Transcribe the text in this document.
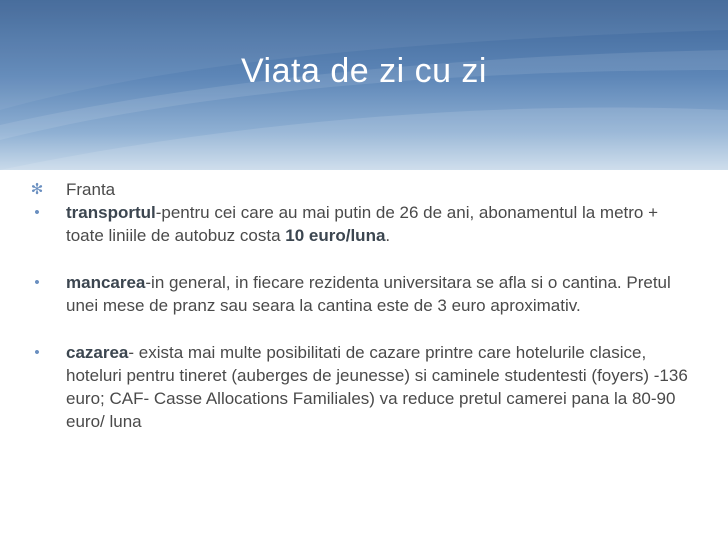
Viata de zi cu zi
✻ Franta
•	transportul-pentru cei care au mai putin de 26 de ani, abonamentul la metro + toate liniile de autobuz costa 10 euro/luna.
•	mancarea-in general, in fiecare rezidenta universitara se afla si o cantina. Pretul unei mese de pranz sau seara la cantina este de 3 euro aproximativ.
•	cazarea- exista mai multe posibilitati de cazare printre care hotelurile clasice, hoteluri pentru tineret (auberges de jeunesse) si caminele studentesti (foyers) -136 euro; CAF- Casse Allocations Familiales) va reduce pretul camerei pana la 80-90 euro/ luna
